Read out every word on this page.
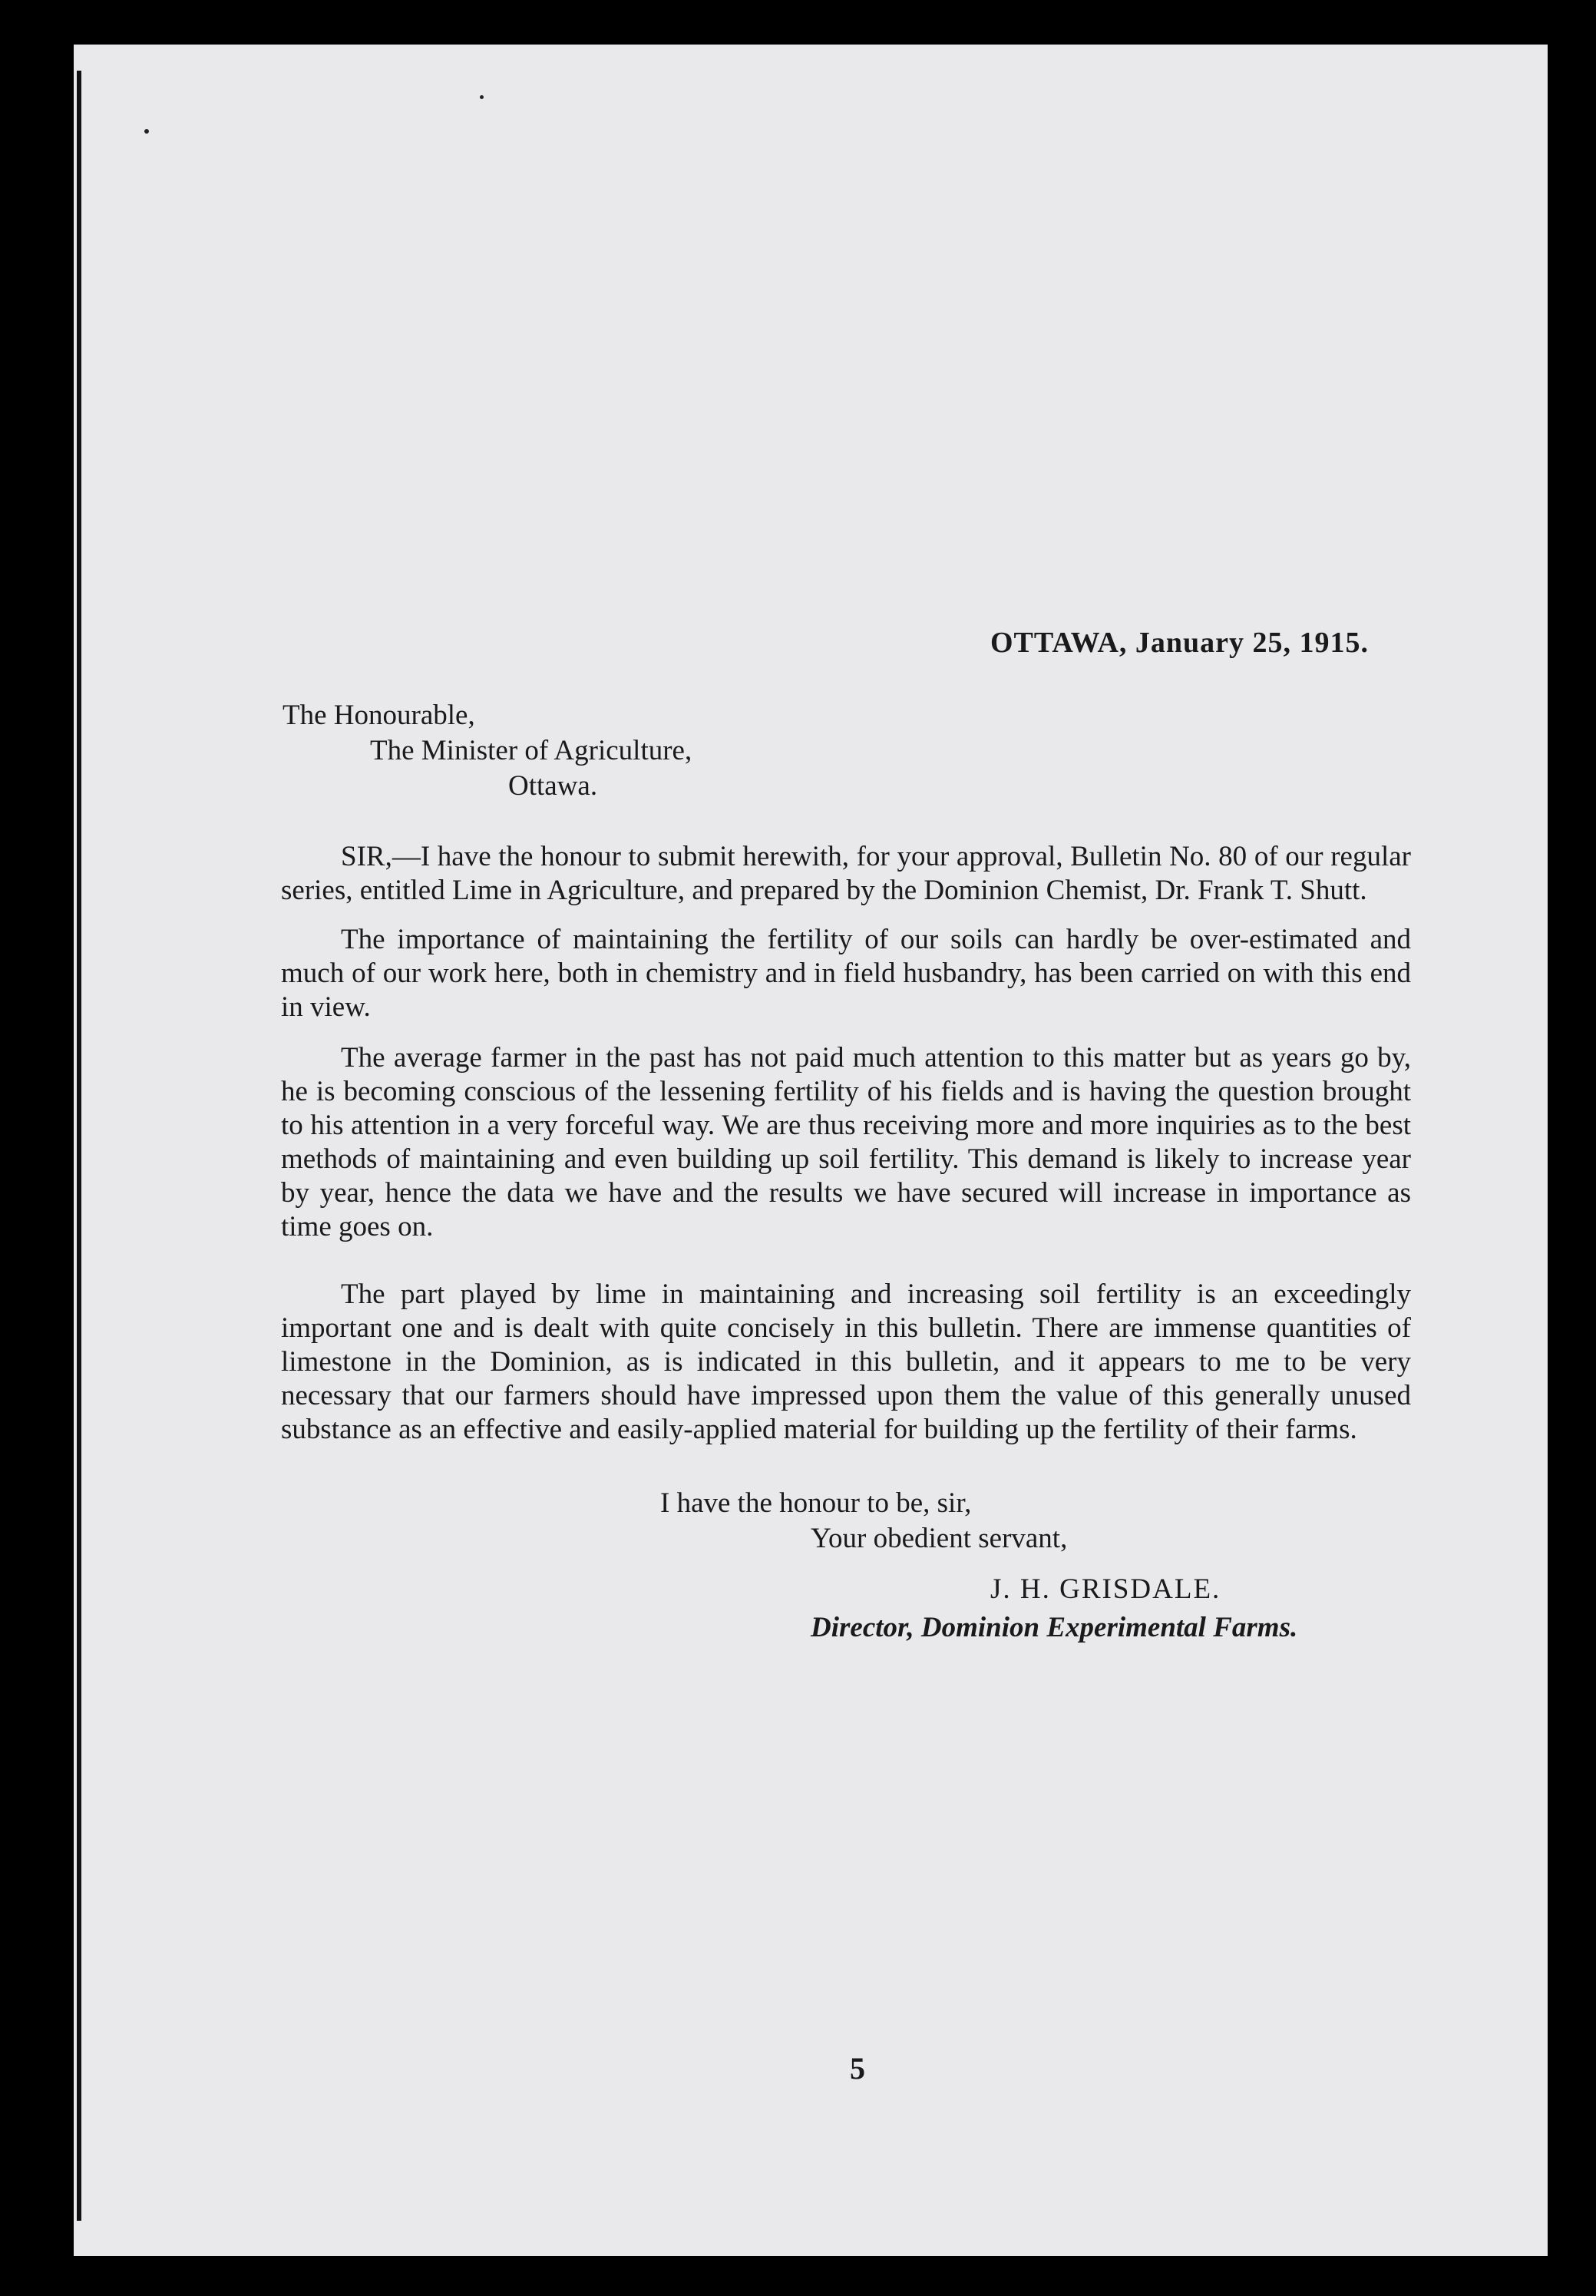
OTTAWA, January 25, 1915.
The Honourable,
The Minister of Agriculture,
Ottawa.

SIR,—I have the honour to submit herewith, for your approval, Bulletin No. 80 of our regular series, entitled Lime in Agriculture, and prepared by the Dominion Chemist, Dr. Frank T. Shutt.

The importance of maintaining the fertility of our soils can hardly be over-estimated and much of our work here, both in chemistry and in field husbandry, has been carried on with this end in view.

The average farmer in the past has not paid much attention to this matter but as years go by, he is becoming conscious of the lessening fertility of his fields and is having the question brought to his attention in a very forceful way. We are thus receiving more and more inquiries as to the best methods of maintaining and even building up soil fertility. This demand is likely to increase year by year, hence the data we have and the results we have secured will increase in importance as time goes on.

The part played by lime in maintaining and increasing soil fertility is an exceedingly important one and is dealt with quite concisely in this bulletin. There are immense quantities of limestone in the Dominion, as is indicated in this bulletin, and it appears to me to be very necessary that our farmers should have impressed upon them the value of this generally unused substance as an effective and easily-applied material for building up the fertility of their farms.

I have the honour to be, sir,
Your obedient servant,
J. H. GRISDALE.
Director, Dominion Experimental Farms.
5
